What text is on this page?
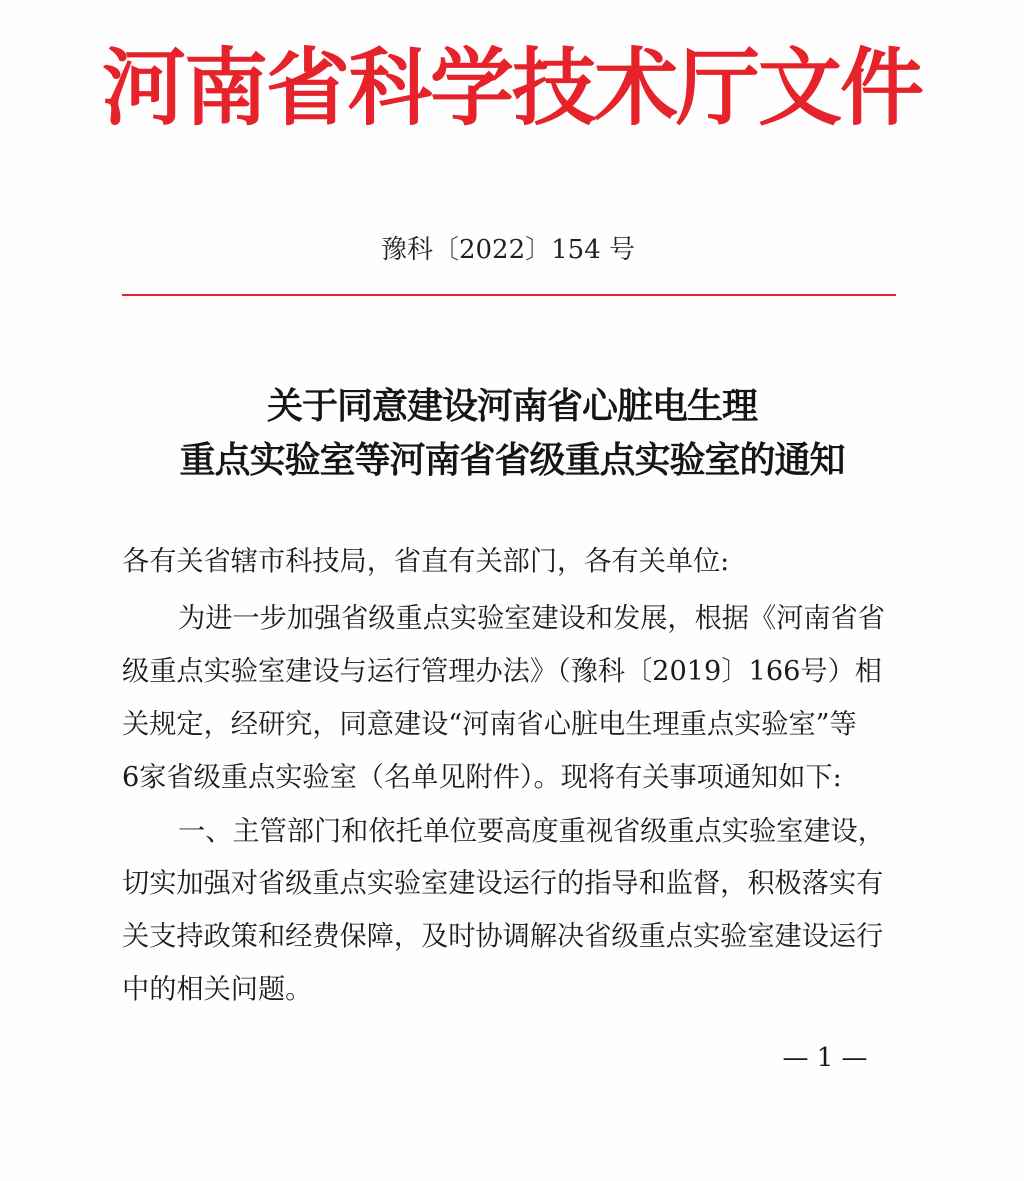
河南省科学技术厅文件
豫科〔2022〕154 号
关于同意建设河南省心脏电生理
重点实验室等河南省省级重点实验室的通知
各有关省辖市科技局，省直有关部门，各有关单位:
为进一步加强省级重点实验室建设和发展，根据《河南省省
级重点实验室建设与运行管理办法》（豫科〔2019〕166号）相
关规定，经研究，同意建设“河南省心脏电生理重点实验室”等
6家省级重点实验室（名单见附件）。现将有关事项通知如下:
一、主管部门和依托单位要高度重视省级重点实验室建设，
切实加强对省级重点实验室建设运行的指导和监督，积极落实有
关支持政策和经费保障，及时协调解决省级重点实验室建设运行
中的相关问题。
— 1 —
